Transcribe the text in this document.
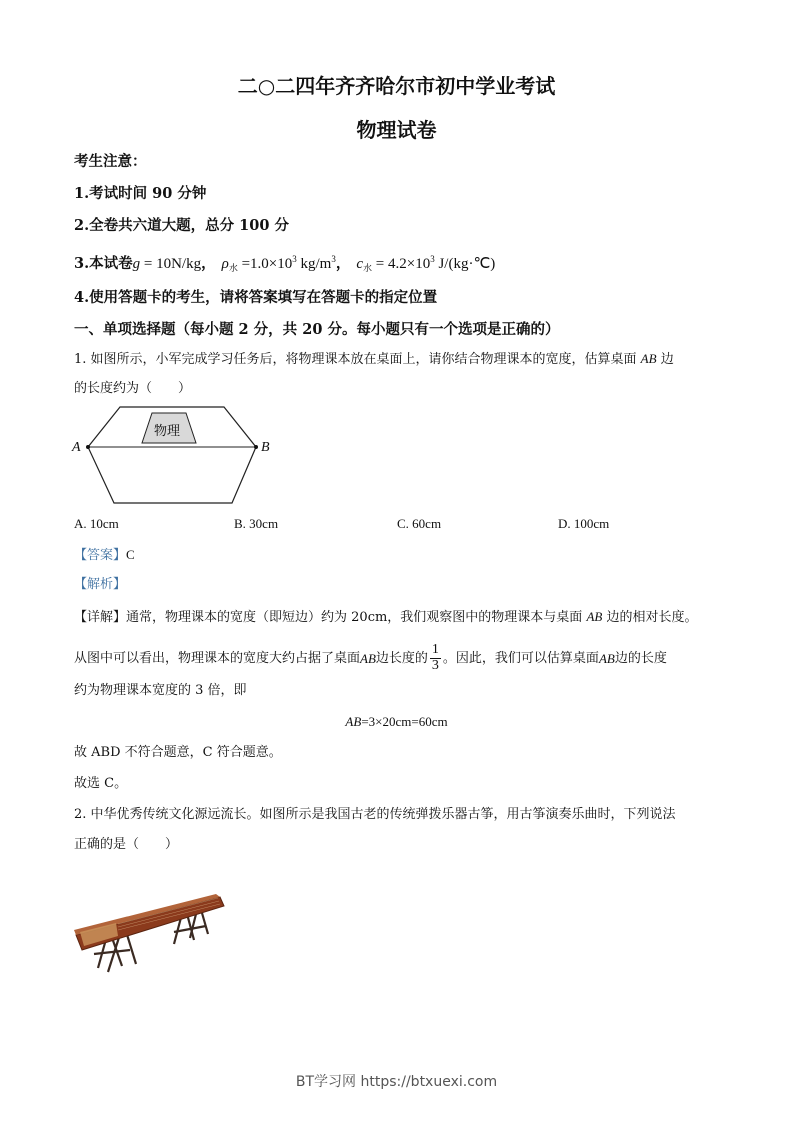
二○二四年齐齐哈尔市初中学业考试
物理试卷
考生注意：
1.考试时间 90 分钟
2.全卷共六道大题，总分 100 分
3.本试卷g = 10N/kg， $\rho_水 =1.0\times 10^3$ $kg/m^3$， $c_水 = 4.2\times 10^3$ J/(kg·℃)
4.使用答题卡的考生，请将答案填写在答题卡的指定位置
一、单项选择题（每小题 2 分，共 20 分。每小题只有一个选项是正确的）
1. 如图所示，小军完成学习任务后，将物理课本放在桌面上，请你结合物理课本的宽度，估算桌面 AB 边
的长度约为（　　）
物理
A	B
A. 10cm	B. 30cm	C. 60cm	D. 100cm
【答案】C
【解析】
【详解】通常，物理课本的宽度（即短边）约为 20cm，我们观察图中的物理课本与桌面 AB 边的相对长度。
从图中可以看出，物理课本的宽度大约占据了桌面 AB 边长度的 $\frac{1}{3}$ 。因此，我们可以估算桌面 AB 边的长度
约为物理课本宽度的 3 倍，即
AB=3×20cm=60cm
故 ABD 不符合题意，C 符合题意。
故选 C。
2. 中华优秀传统文化源远流长。如图所示是我国古老的传统弹拨乐器古筝，用古筝演奏乐曲时，下列说法
正确的是（　　）
BT学习网 https://btxuexi.com
